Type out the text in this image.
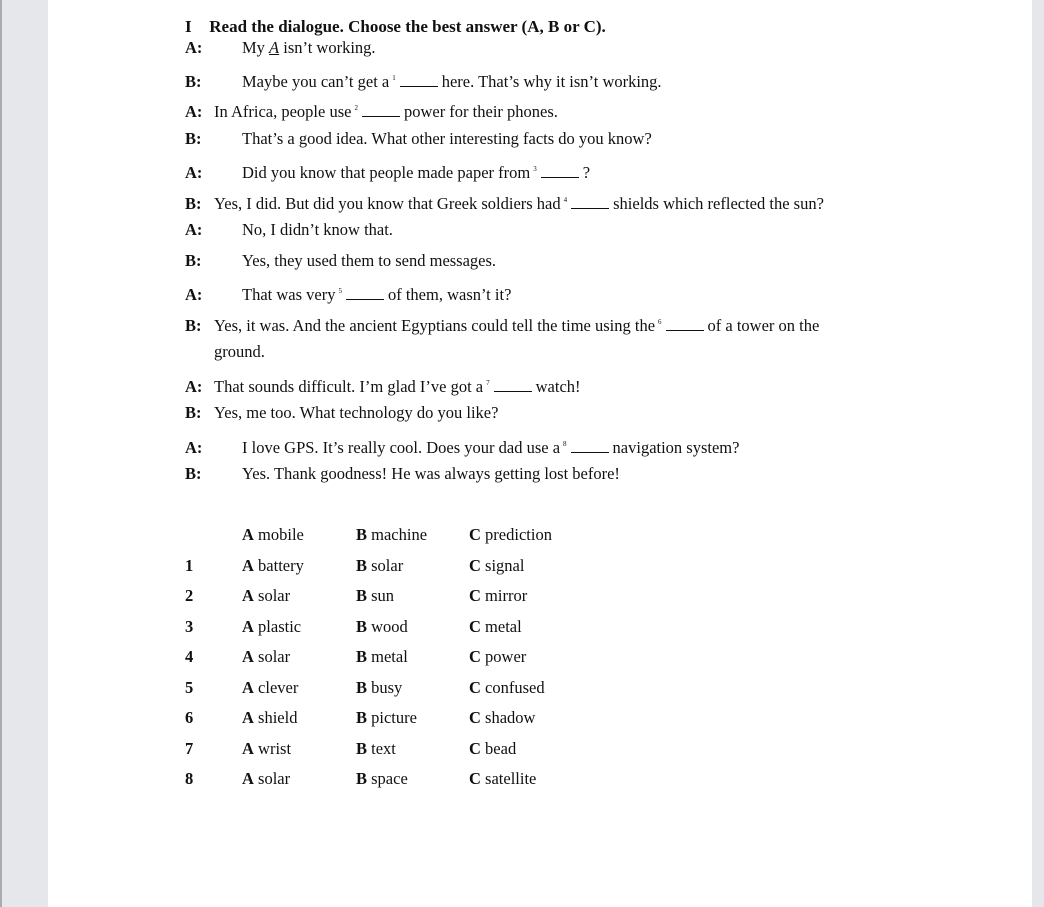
I Read the dialogue. Choose the best answer (A, B or C).
A: My A isn’t working.
B: Maybe you can’t get a $^1$	here. That’s why it isn’t working.
A: In Africa, people use $^2$	power for their phones.
B: That’s a good idea. What other interesting facts do you know?
A: Did you know that people made paper from $^3$	?
B: Yes, I did. But did you know that Greek soldiers had $^4$	shields which reflected the sun?
A: No, I didn’t know that.
B: Yes, they used them to send messages.
A: That was very $^5$	of them, wasn’t it?
B: Yes, it was. And the ancient Egyptians could tell the time using the $^6$	of a tower on the
ground.
A: That sounds difficult. I’m glad I’ve got a $^7$	watch!
B: Yes, me too. What technology do you like?
A: I love GPS. It’s really cool. Does your dad use a $^8$	navigation system?
B: Yes. Thank goodness! He was always getting lost before!
A mobile	B machine	C prediction
1	A battery	B solar	C signal
2	A solar	B sun	C mirror
3	A plastic	B wood	C metal
4	A solar	B metal	C power
5	A clever	B busy	C confused
6	A shield	B picture	C shadow
7	A wrist	B text	C bead
8	A solar	B space	C satellite
